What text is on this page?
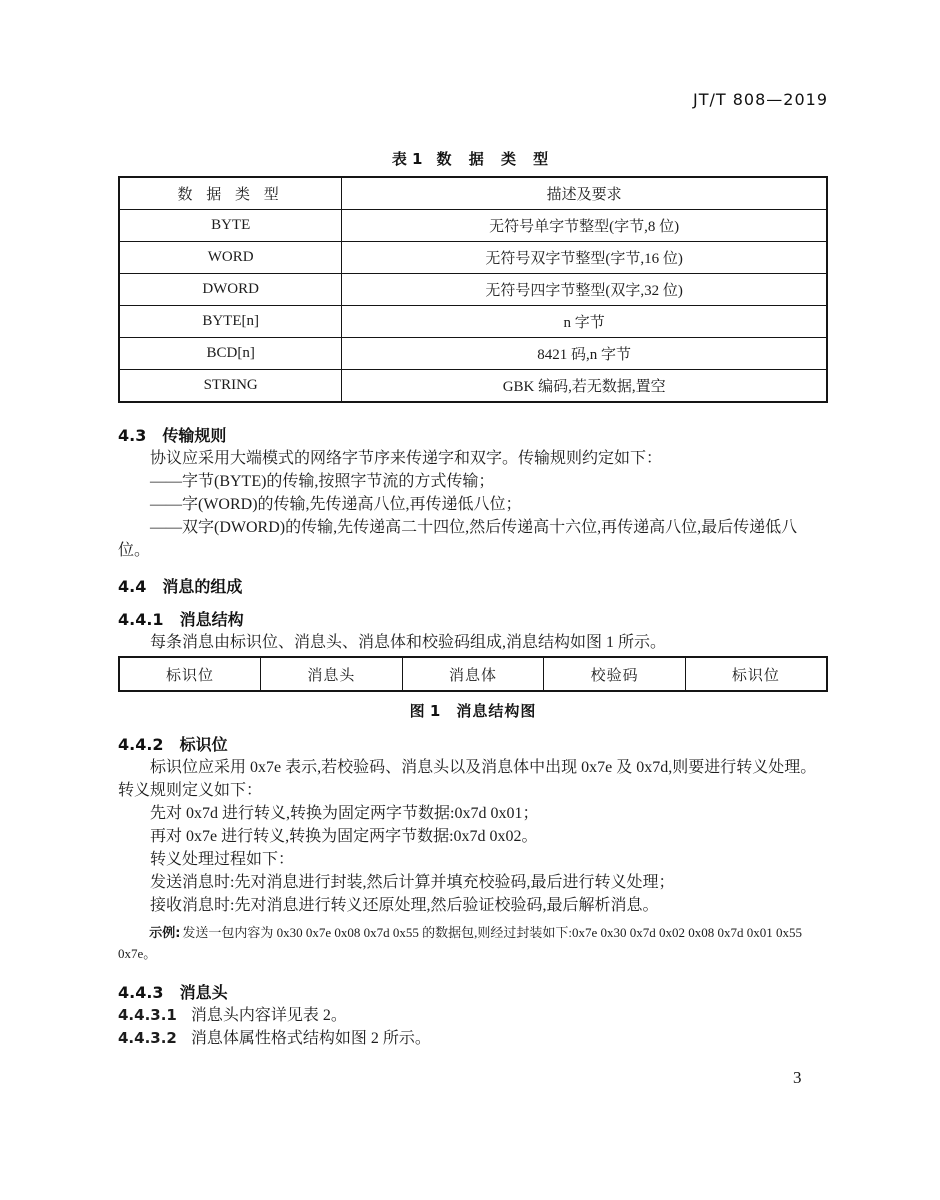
JT/T 808—2019
表 1 数 据 类 型
数 据 类 型	描述及要求
BYTE	无符号单字节整型(字节,8 位)
WORD	无符号双字节整型(字节,16 位)
DWORD	无符号四字节整型(双字,32 位)
BYTE[n]	n 字节
BCD[n]	8421 码,n 字节
STRING	GBK 编码,若无数据,置空
4.3 传输规则

协议应采用大端模式的网络字节序来传递字和双字。传输规则约定如下：

——字节(BYTE)的传输,按照字节流的方式传输；

——字(WORD)的传输,先传递高八位,再传递低八位；

——双字(DWORD)的传输,先传递高二十四位,然后传递高十六位,再传递高八位,最后传递低八位。

4.4 消息的组成
4.4.1 消息结构

每条消息由标识位、消息头、消息体和校验码组成,消息结构如图 1 所示。

标识位	消息头	消息体	校验码	标识位
图 1 消息结构图
4.4.2 标识位

标识位应采用 0x7e 表示,若校验码、消息头以及消息体中出现 0x7e 及 0x7d,则要进行转义处理。转义规则定义如下：

先对 0x7d 进行转义,转换为固定两字节数据:0x7d 0x01；

再对 0x7e 进行转义,转换为固定两字节数据:0x7d 0x02。

转义处理过程如下：

发送消息时:先对消息进行封装,然后计算并填充校验码,最后进行转义处理；

接收消息时:先对消息进行转义还原处理,然后验证校验码,最后解析消息。

示例: 发送一包内容为 0x30 0x7e 0x08 0x7d 0x55 的数据包,则经过封装如下:0x7e 0x30 0x7d 0x02 0x08 0x7d 0x01 0x55 0x7e。

4.4.3 消息头

4.4.3.1 消息头内容详见表 2。

4.4.3.2 消息体属性格式结构如图 2 所示。

3
